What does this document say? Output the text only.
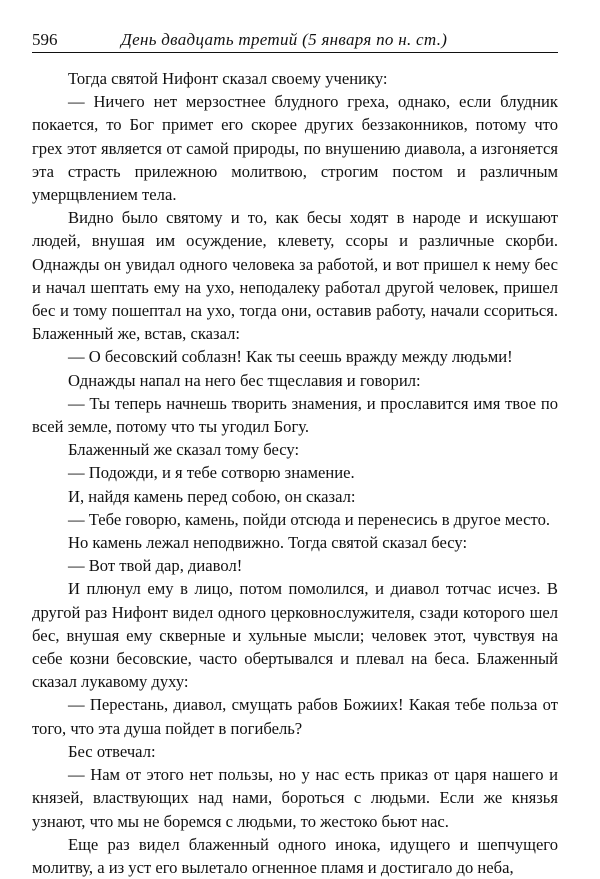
596	День двадцать третий (5 января по н. ст.)

Тогда святой Нифонт сказал своему ученику:

— Ничего нет мерзостнее блудного греха, однако, если блудник покается, то Бог примет его скорее других беззаконников, потому что грех этот является от самой природы, по внушению диавола, а изгоняется эта страсть прилежною молитвою, строгим постом и различным умерщвлением тела.

Видно было святому и то, как бесы ходят в народе и искушают людей, внушая им осуждение, клевету, ссоры и различные скорби. Однажды он увидал одного человека за работой, и вот пришел к нему бес и начал шептать ему на ухо, неподалеку работал другой человек, пришел бес и тому пошептал на ухо, тогда они, оставив работу, начали ссориться. Блаженный же, встав, сказал:

— О бесовский соблазн! Как ты сеешь вражду между людьми!

Однажды напал на него бес тщеславия и говорил:

— Ты теперь начнешь творить знамения, и прославится имя твое по всей земле, потому что ты угодил Богу.

Блаженный же сказал тому бесу:

— Подожди, и я тебе сотворю знамение.

И, найдя камень перед собою, он сказал:

— Тебе говорю, камень, пойди отсюда и перенесись в другое место.

Но камень лежал неподвижно. Тогда святой сказал бесу:

— Вот твой дар, диавол!

И плюнул ему в лицо, потом помолился, и диавол тотчас исчез. В другой раз Нифонт видел одного церковнослужителя, сзади которого шел бес, внушая ему скверные и хульные мысли; человек этот, чувствуя на себе козни бесовские, часто обертывался и плевал на беса. Блаженный сказал лукавому духу:

— Перестань, диавол, смущать рабов Божиих! Какая тебе польза от того, что эта душа пойдет в погибель?

Бес отвечал:

— Нам от этого нет пользы, но у нас есть приказ от царя нашего и князей, властвующих над нами, бороться с людьми. Если же князья узнают, что мы не боремся с людьми, то жестоко бьют нас.

Еще раз видел блаженный одного инока, идущего и шепчущего молитву, а из уст его вылетало огненное пламя и достигало до неба,
